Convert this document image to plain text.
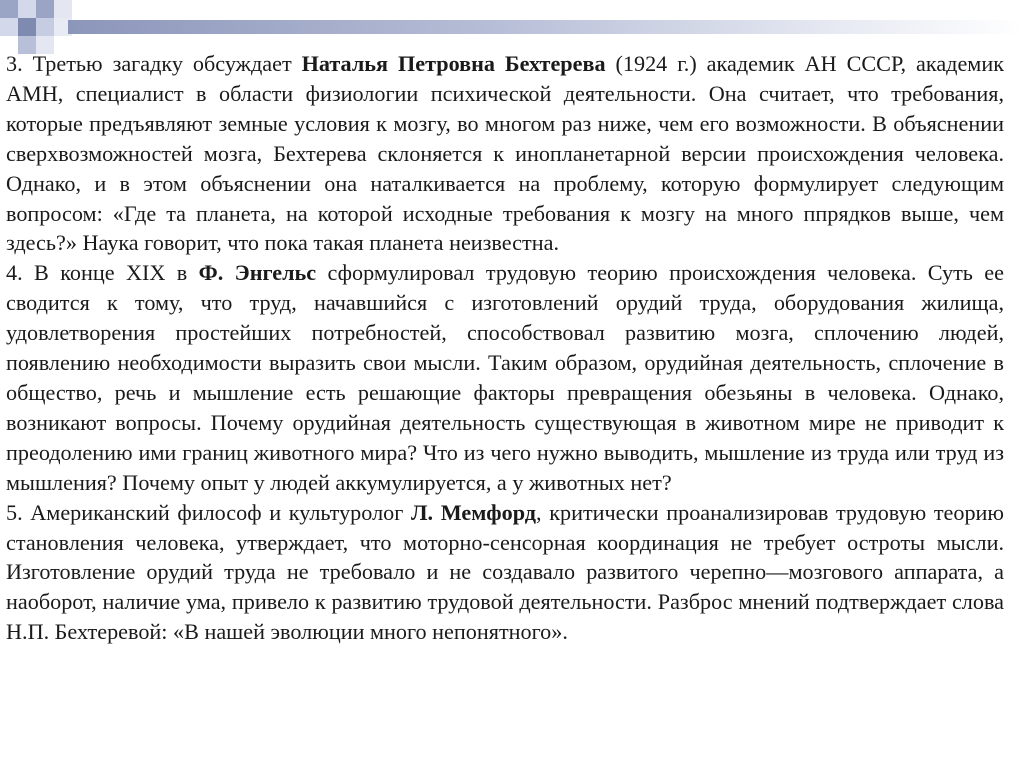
3. Третью загадку обсуждает Наталья Петровна Бехтерева (1924 г.) академик АН СССР, академик АМН, специалист в области физиологии психической деятельности. Она считает, что требования, которые предъявляют земные условия к мозгу, во многом раз ниже, чем его возможности. В объяснении сверхвозможностей мозга, Бехтерева склоняется к инопланетарной версии происхождения человека. Однако, и в этом объяснении она наталкивается на проблему, которую формулирует следующим вопросом: «Где та планета, на которой исходные требования к мозгу на много ппрядков выше, чем здесь?» Наука говорит, что пока такая планета неизвестна.

4. В конце XIX в Ф. Энгельс сформулировал трудовую теорию происхождения человека. Суть ее сводится к тому, что труд, начавшийся с изготовлений орудий труда, оборудования жилища, удовлетворения простейших потребностей, способствовал развитию мозга, сплочению людей, появлению необходимости выразить свои мысли. Таким образом, орудийная деятельность, сплочение в общество, речь и мышление есть решающие факторы превращения обезьяны в человека. Однако, возникают вопросы. Почему орудийная деятельность существующая в животном мире не приводит к преодолению ими границ животного мира? Что из чего нужно выводить, мышление из труда или труд из мышления? Почему опыт у людей аккумулируется, а у животных нет?

5. Американский философ и культуролог Л. Мемфорд, критически проанализировав трудовую теорию становления человека, утверждает, что моторно-сенсорная координация не требует остроты мысли. Изготовление орудий труда не требовало и не создавало развитого черепно—мозгового аппарата, а наоборот, наличие ума, привело к развитию трудовой деятельности. Разброс мнений подтверждает слова Н.П. Бехтеревой: «В нашей эволюции много непонятного».
